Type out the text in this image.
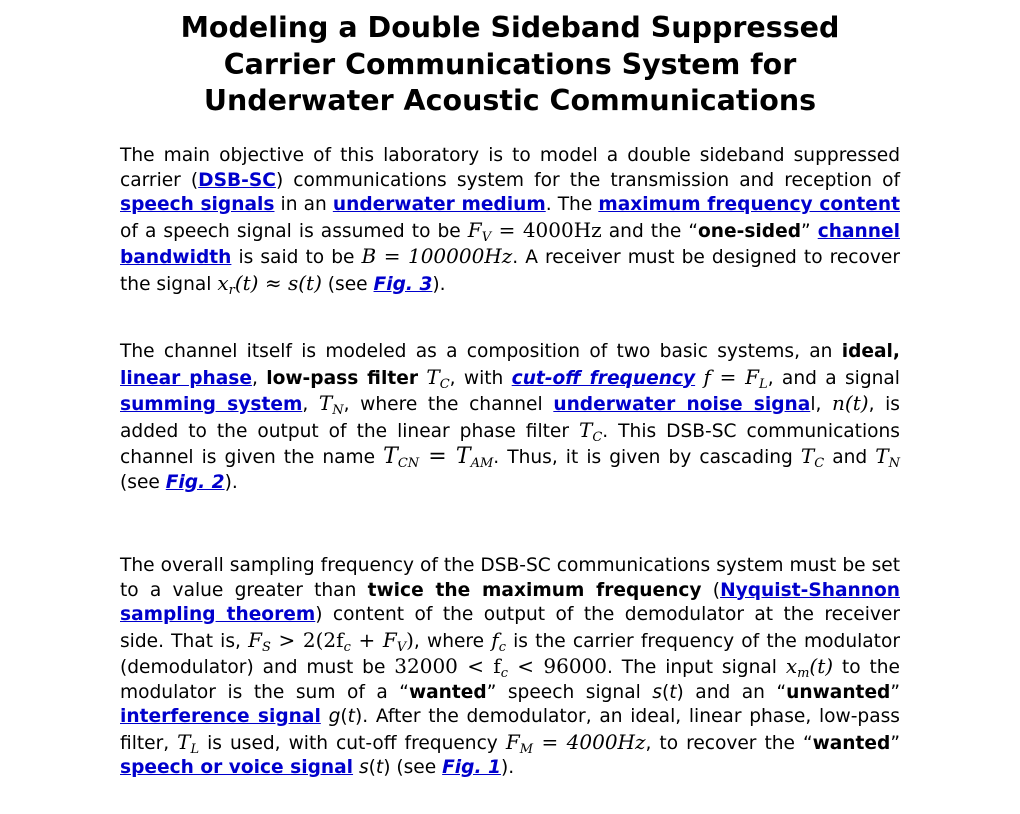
Modeling a Double Sideband Suppressed
Carrier Communications System for
Underwater Acoustic Communications

The main objective of this laboratory is to model a double sideband suppressed carrier (DSB-SC) communications system for the transmission and reception of speech signals in an underwater medium. The maximum frequency content of a speech signal is assumed to be $F_V = 4000Hz$ and the “one-sided” channel bandwidth is said to be B = 100000Hz. A receiver must be designed to recover the signal $x_r(t) \approx s(t)$ (see Fig. 3).

The channel itself is modeled as a composition of two basic systems, an ideal, linear phase, low-pass filter $T_C$, with cut-off frequency $f = F_L$, and a signal summing system, $T_N$, where the channel underwater noise signal, n(t), is added to the output of the linear phase filter $T_C$. This DSB-SC communications channel is given the name $T_{CN} = T_{AM}$. Thus, it is given by cascading $T_C$ and $T_N$ (see Fig. 2).

The overall sampling frequency of the DSB-SC communications system must be set to a value greater than twice the maximum frequency (Nyquist-Shannon sampling theorem) content of the output of the demodulator at the receiver side. That is, $F_S > 2(2f_c + F_V)$, where $f_c$ is the carrier frequency of the modulator (demodulator) and must be $32000 < f_c < 96000$. The input signal $x_m(t)$ to the modulator is the sum of a “wanted” speech signal s(t) and an “unwanted” interference signal g(t). After the demodulator, an ideal, linear phase, low-pass filter, $T_L$ is used, with cut-off frequency $F_M = 4000Hz$, to recover the “wanted” speech or voice signal s(t) (see Fig. 1).
